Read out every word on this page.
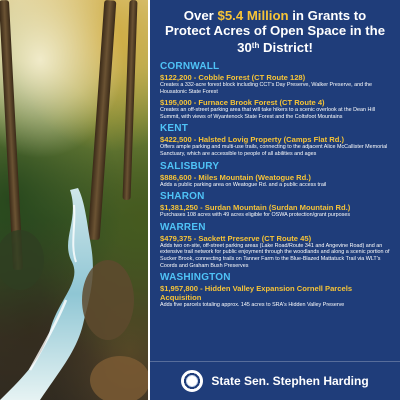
Over $5.4 Million in Grants to Protect Acres of Open Space in the 30th District!
CORNWALL
$122,200 - Cobble Forest (CT Route 128)
Creates a 332-acre forest block including CCT's Day Preserve, Walker Preserve, and the Housatonic State Forest
$195,000 - Furnace Brook Forest (CT Route 4)
Creates an off-street parking area that will take hikers to a scenic overlook at the Dean Hill Summit, with views of Wyantenock State Forest and the Coltsfoot Mountains
KENT
$422,500 - Halsted Lovig Property (Camps Flat Rd.)
Offers ample parking and multi-use trails, connecting to the adjacent Alice McCallister Memorial Sanctuary, which are accessible to people of all abilities and ages
SALISBURY
$886,600 - Miles Mountain (Weatogue Rd.)
Adds a public parking area on Weatogue Rd. and a public access trail
SHARON
$1,381,250 - Surdan Mountain (Surdan Mountain Rd.)
Purchases 108 acres with 49 acres eligible for OSWA protection/grant purposes
WARREN
$479,375 - Sackett Preserve (CT Route 45)
Adds two on-site, off-street parking areas (Lake Road/Route 341 and Angevine Road) and an extensive trail network for public enjoyment through the woodlands and along a scenic portion of Sucker Brook, connecting trails on Tanner Farm to the Blue-Blazed Mattatuck Trail via WLT's Coords and Graham Bush Preserves
WASHINGTON
$1,957,800 - Hidden Valley Expansion Cornell Parcels Acquisition
Adds five parcels totaling approx. 145 acres to SRA's Hidden Valley Preserve
State Sen. Stephen Harding
